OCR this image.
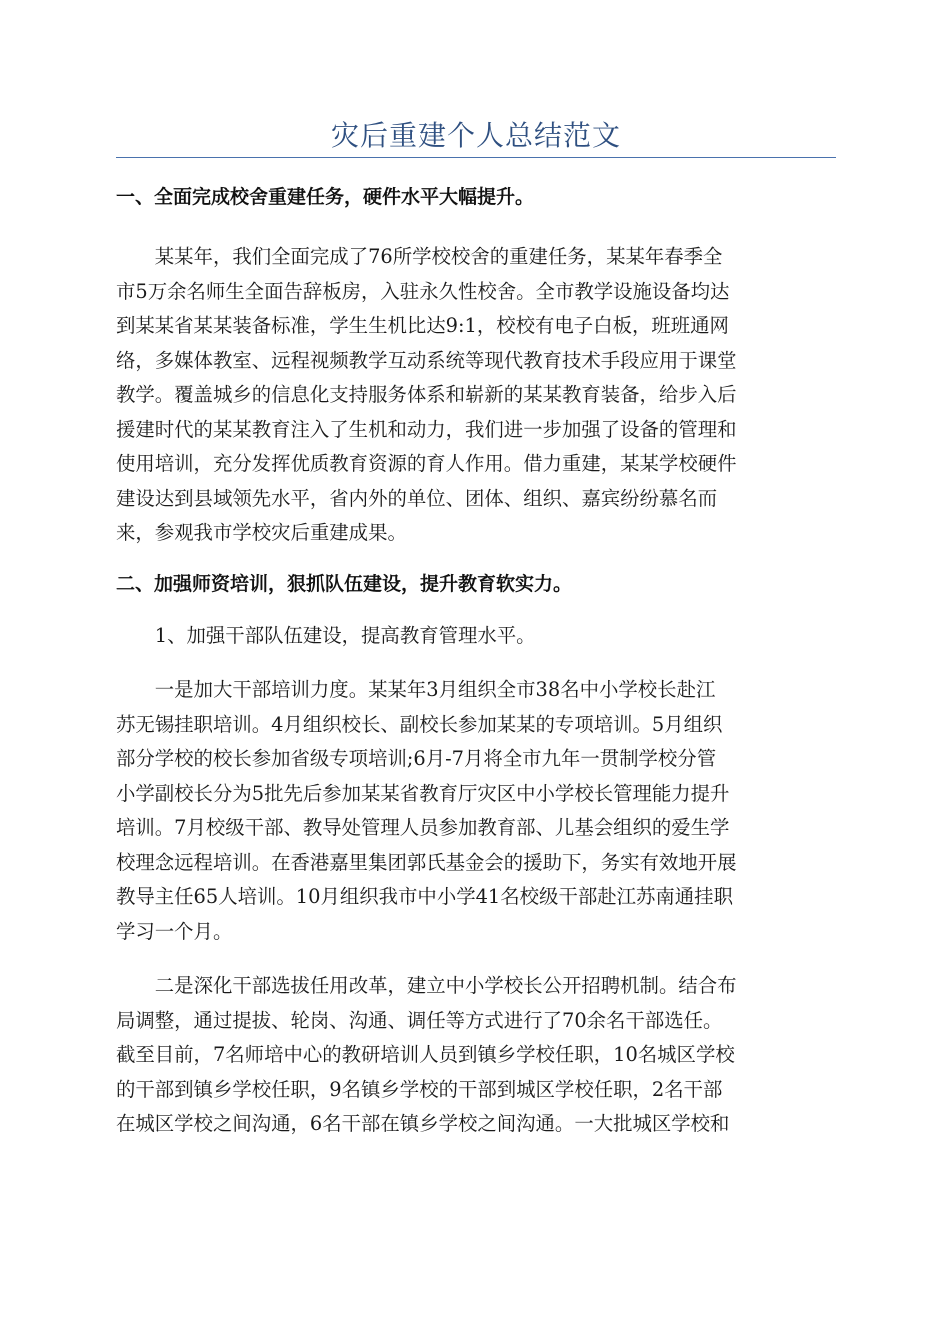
灾后重建个人总结范文
一、全面完成校舍重建任务，硬件水平大幅提升。
某某年，我们全面完成了76所学校校舍的重建任务，某某年春季全
市5万余名师生全面告辞板房，入驻永久性校舍。全市教学设施设备均达
到某某省某某装备标准，学生生机比达9:1，校校有电子白板，班班通网
络，多媒体教室、远程视频教学互动系统等现代教育技术手段应用于课堂
教学。覆盖城乡的信息化支持服务体系和崭新的某某教育装备，给步入后
援建时代的某某教育注入了生机和动力，我们进一步加强了设备的管理和
使用培训，充分发挥优质教育资源的育人作用。借力重建，某某学校硬件
建设达到县域领先水平，省内外的单位、团体、组织、嘉宾纷纷慕名而
来，参观我市学校灾后重建成果。
二、加强师资培训，狠抓队伍建设，提升教育软实力。
1、加强干部队伍建设，提高教育管理水平。
一是加大干部培训力度。某某年3月组织全市38名中小学校长赴江
苏无锡挂职培训。4月组织校长、副校长参加某某的专项培训。5月组织
部分学校的校长参加省级专项培训;6月-7月将全市九年一贯制学校分管
小学副校长分为5批先后参加某某省教育厅灾区中小学校长管理能力提升
培训。7月校级干部、教导处管理人员参加教育部、儿基会组织的爱生学
校理念远程培训。在香港嘉里集团郭氏基金会的援助下，务实有效地开展
教导主任65人培训。10月组织我市中小学41名校级干部赴江苏南通挂职
学习一个月。
二是深化干部选拔任用改革，建立中小学校长公开招聘机制。结合布
局调整，通过提拔、轮岗、沟通、调任等方式进行了70余名干部选任。
截至目前，7名师培中心的教研培训人员到镇乡学校任职，10名城区学校
的干部到镇乡学校任职，9名镇乡学校的干部到城区学校任职，2名干部
在城区学校之间沟通，6名干部在镇乡学校之间沟通。一大批城区学校和
